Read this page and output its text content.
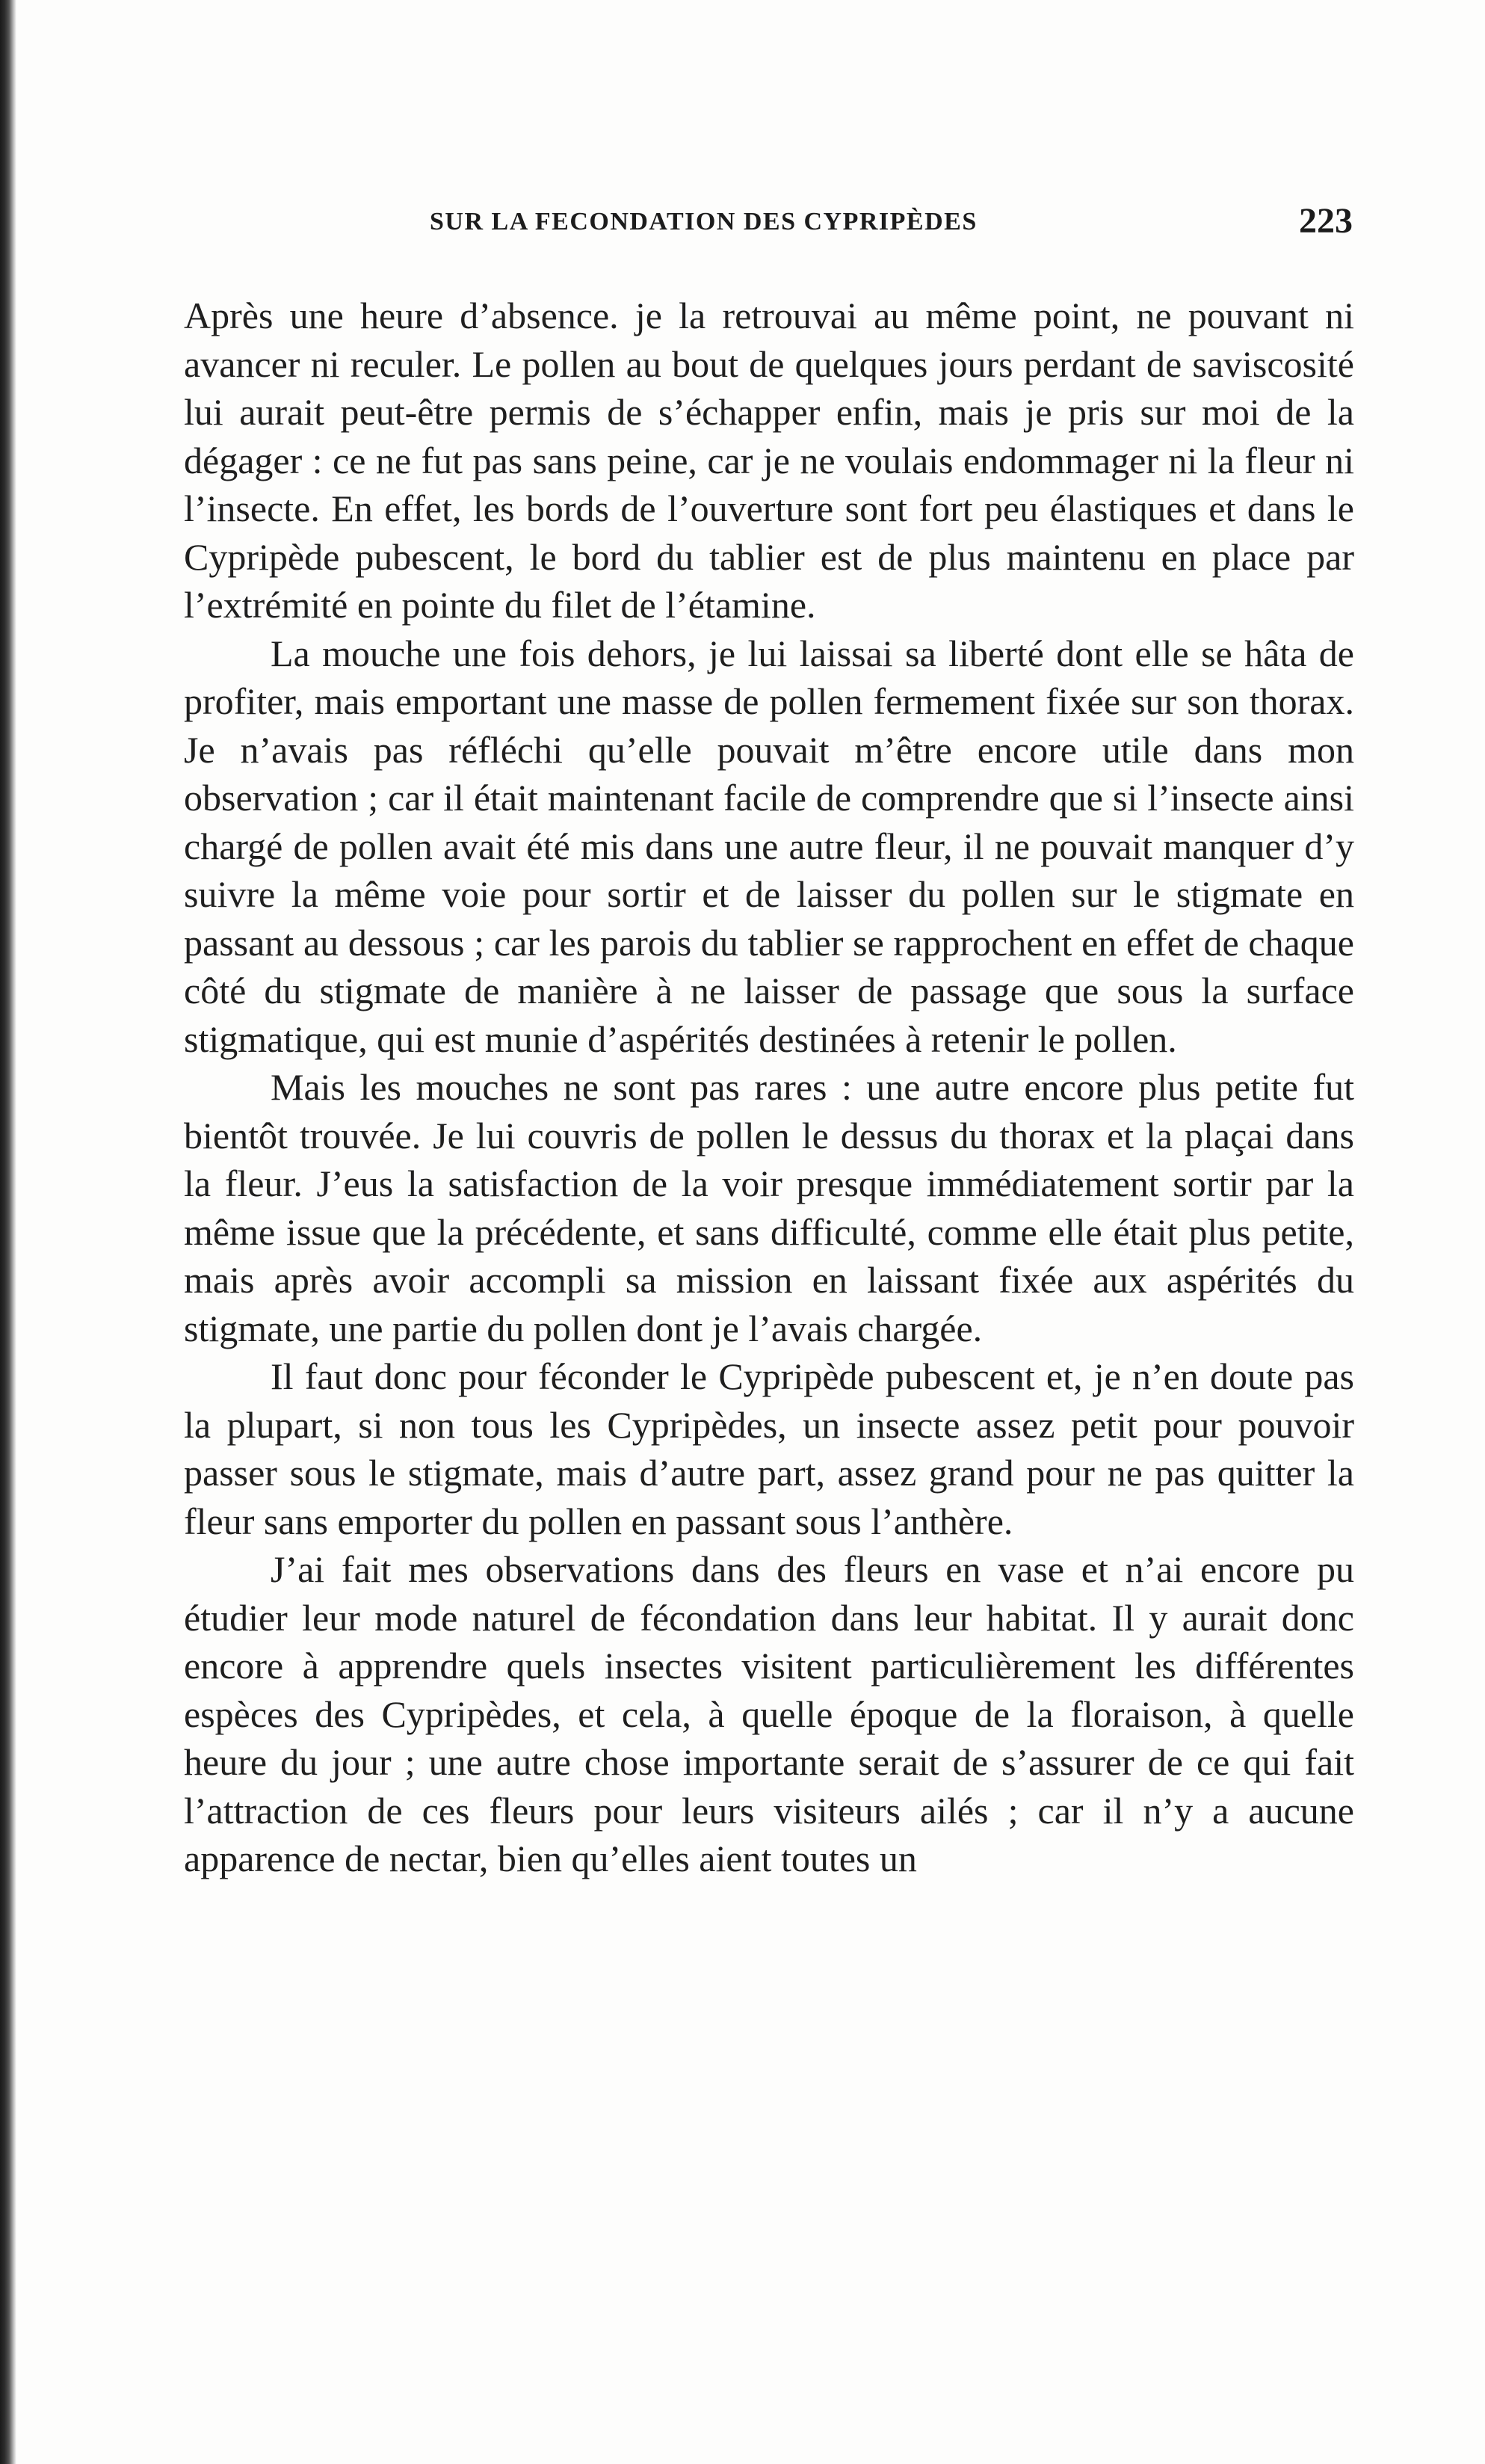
SUR LA FECONDATION DES CYPRIPÈDES	223

Après une heure d’absence. je la retrouvai au même point, ne pouvant ni avancer ni reculer. Le pollen au bout de quelques jours perdant de saviscosité lui aurait peut-être permis de s’échapper enfin, mais je pris sur moi de la dégager : ce ne fut pas sans peine, car je ne voulais endommager ni la fleur ni l’insecte. En effet, les bords de l’ouverture sont fort peu élastiques et dans le Cypripède pubescent, le bord du tablier est de plus maintenu en place par l’extrémité en pointe du filet de l’étamine.

La mouche une fois dehors, je lui laissai sa liberté dont elle se hâta de profiter, mais emportant une masse de pollen fermement fixée sur son thorax. Je n’avais pas réfléchi qu’elle pouvait m’être encore utile dans mon observation ; car il était maintenant facile de comprendre que si l’insecte ainsi chargé de pollen avait été mis dans une autre fleur, il ne pouvait manquer d’y suivre la même voie pour sortir et de laisser du pollen sur le stigmate en passant au dessous ; car les parois du tablier se rapprochent en effet de chaque côté du stigmate de manière à ne laisser de passage que sous la surface stigmatique, qui est munie d’aspérités destinées à retenir le pollen.

Mais les mouches ne sont pas rares : une autre encore plus petite fut bientôt trouvée. Je lui couvris de pollen le dessus du thorax et la plaçai dans la fleur. J’eus la satisfaction de la voir presque immédiatement sortir par la même issue que la précédente, et sans difficulté, comme elle était plus petite, mais après avoir accompli sa mission en laissant fixée aux aspérités du stigmate, une partie du pollen dont je l’avais chargée.

Il faut donc pour féconder le Cypripède pubescent et, je n’en doute pas la plupart, si non tous les Cypripèdes, un insecte assez petit pour pouvoir passer sous le stigmate, mais d’autre part, assez grand pour ne pas quitter la fleur sans emporter du pollen en passant sous l’anthère.

J’ai fait mes observations dans des fleurs en vase et n’ai encore pu étudier leur mode naturel de fécondation dans leur habitat. Il y aurait donc encore à apprendre quels insectes visitent particulièrement les différentes espèces des Cypripèdes, et cela, à quelle époque de la floraison, à quelle heure du jour ; une autre chose importante serait de s’assurer de ce qui fait l’attraction de ces fleurs pour leurs visiteurs ailés ; car il n’y a aucune apparence de nectar, bien qu’elles aient toutes un
